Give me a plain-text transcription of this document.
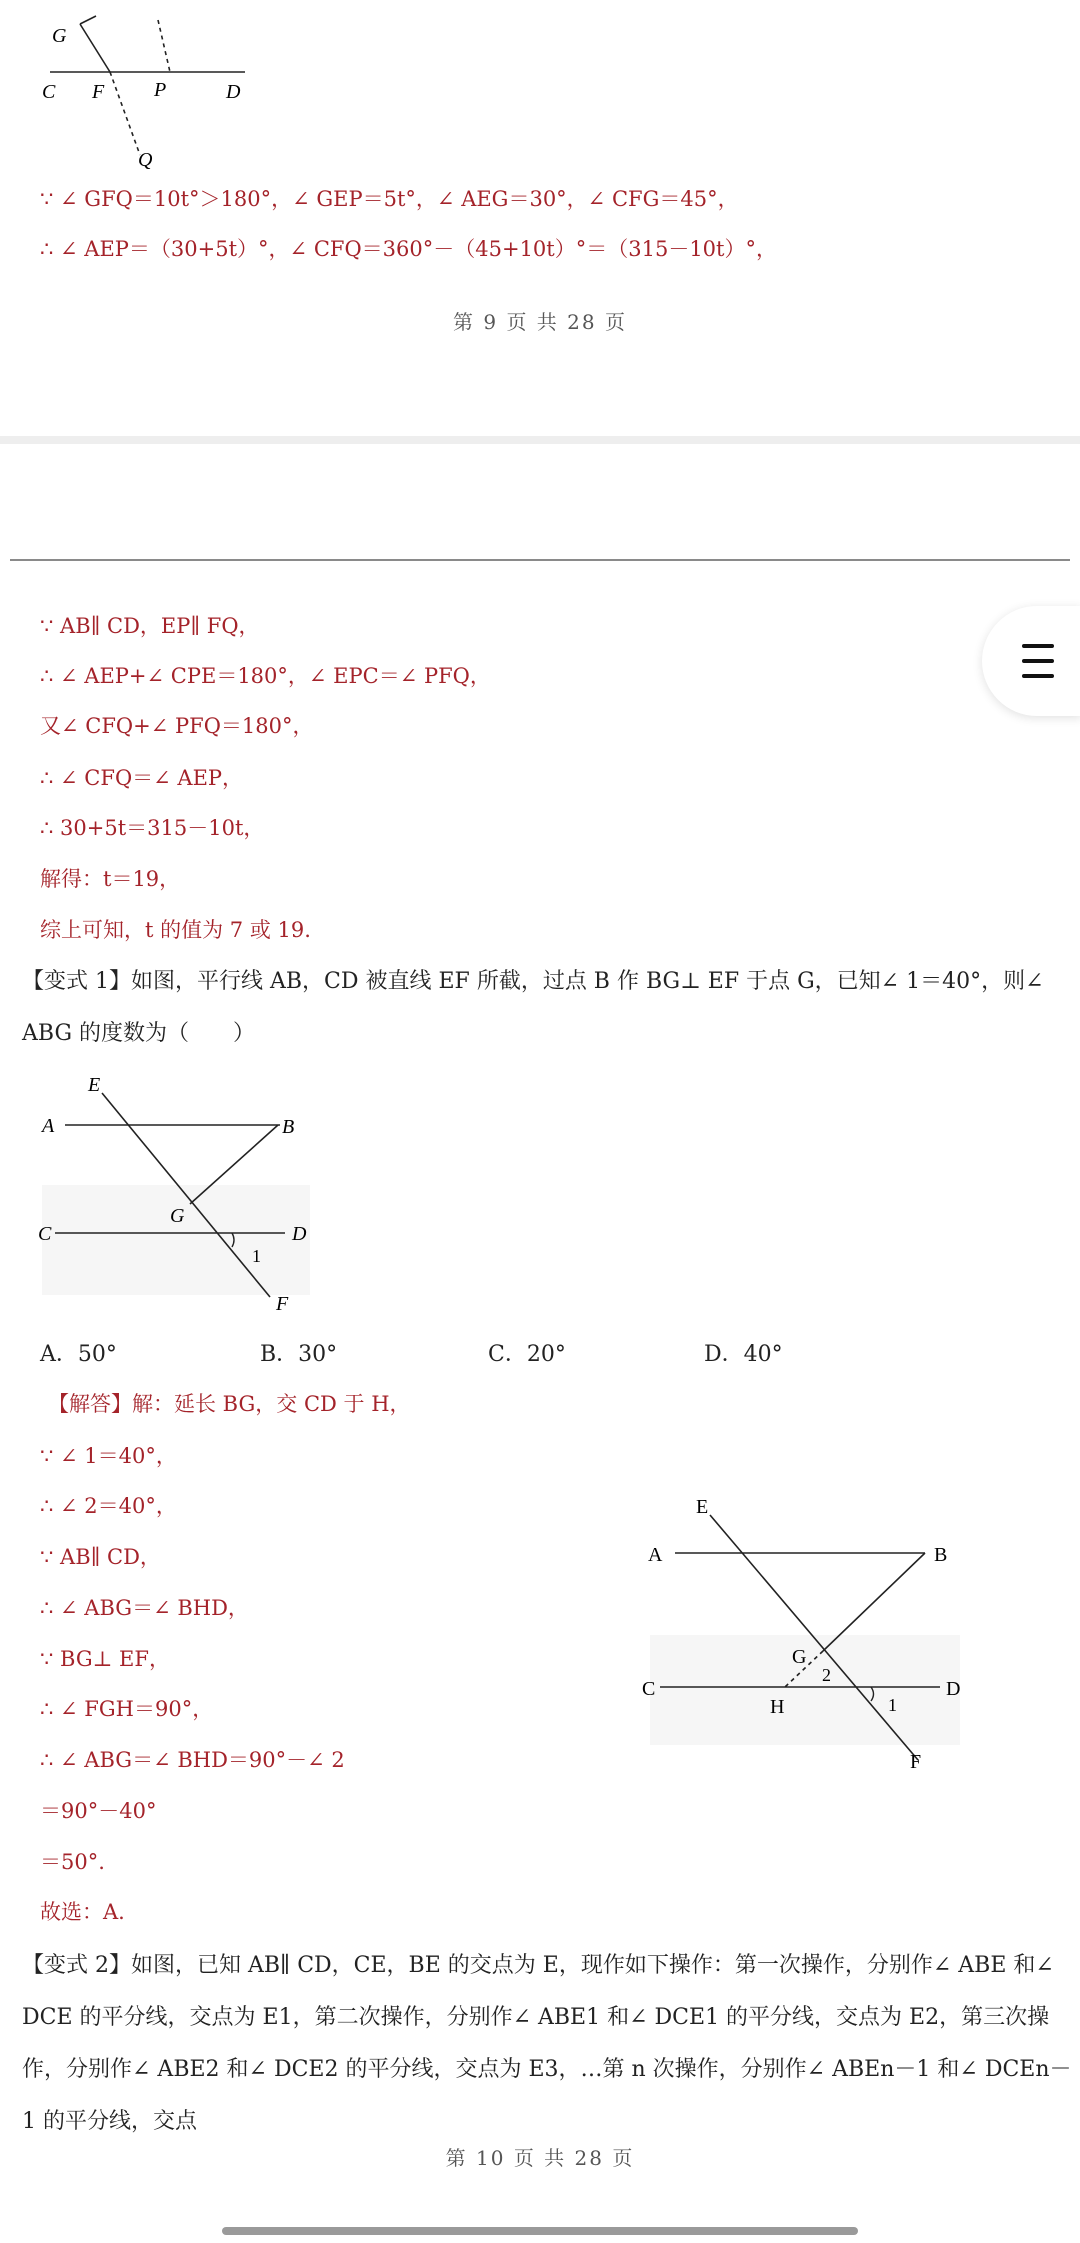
G
C F P	D
Q
∵ ∠ GFQ＝10t°＞180°，∠ GEP＝5t°，∠ AEG＝30°，∠ CFG＝45°，
∴ ∠ AEP＝（30+5t）°，∠ CFQ＝360°－（45+10t）°＝（315－10t）°，
第 9 页 共 28 页
∵ AB∥ CD，EP∥ FQ，
∴ ∠ AEP+∠ CPE＝180°，∠ EPC＝∠ PFQ，
又∠ CFQ+∠ PFQ＝180°，
∴ ∠ CFQ＝∠ AEP，
∴ 30+5t＝315－10t，
解得：t＝19，
综上可知，t 的值为 7 或 19.
【变式 1】如图，平行线 AB，CD 被直线 EF 所截，过点 B 作 BG⊥ EF 于点 G，已知∠ 1＝40°，则∠ ABG 的度数为（　　）
E
A	B
G
C	D
1
F
A．50°	B．30°	C．20°	D．40°
【解答】解：延长 BG，交 CD 于 H，
∵ ∠ 1＝40°，
∴ ∠ 2＝40°，
∵ AB∥ CD，
∴ ∠ ABG＝∠ BHD，
∵ BG⊥ EF，
∴ ∠ FGH＝90°，
∴ ∠ ABG＝∠ BHD＝90°－∠ 2
＝90°－40°
＝50°.
故选：A.
E
A	B
G
2
C
H	1
D
F
【变式 2】如图，已知 AB∥ CD，CE，BE 的交点为 E，现作如下操作：第一次操作，分别作∠ ABE 和∠ DCE 的平分线，交点为 E1，第二次操作，分别作∠ ABE1 和∠ DCE1 的平分线，交点为 E2，第三次操作，分别作∠ ABE2 和∠ DCE2 的平分线，交点为 E3，…第 n 次操作，分别作∠ ABEn－1 和∠ DCEn－1 的平分线，交点
第 10 页 共 28 页
